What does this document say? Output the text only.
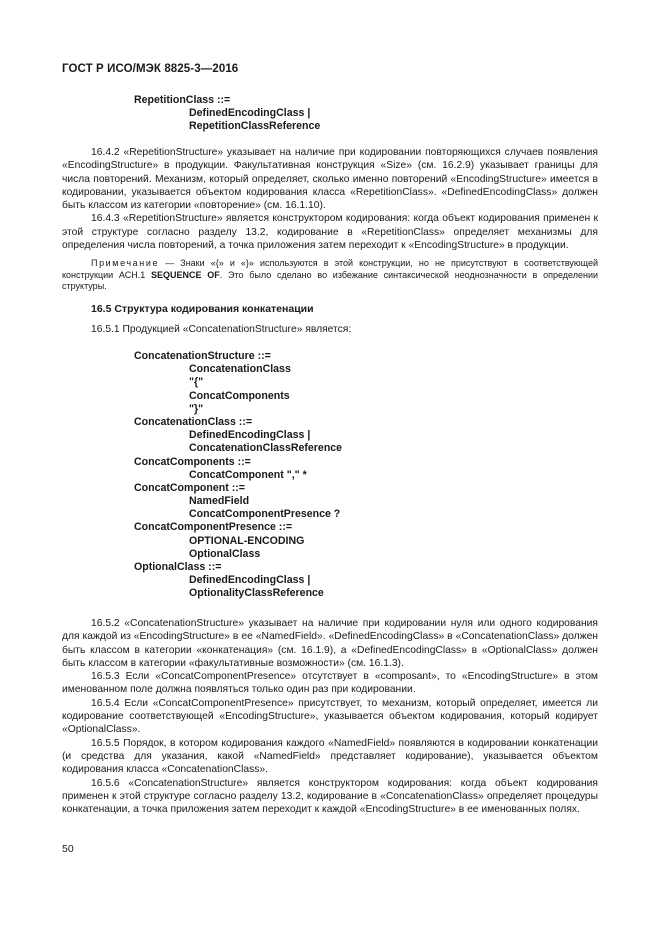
ГОСТ Р ИСО/МЭК 8825-3—2016
RepetitionClass ::=
DefinedEncodingClass |
RepetitionClassReference

16.4.2 «RepetitionStructure» указывает на наличие при кодировании повторяющихся случаев появления «EncodingStructure» в продукции. Факультативная конструкция «Size» (см. 16.2.9) указывает границы для числа повторений. Механизм, который определяет, сколько именно повторений «EncodingStructure» имеется в кодировании, указывается объектом кодирования класса «RepetitionClass». «DefinedEncodingClass» должен быть классом из категории «повторение» (см. 16.1.10).

16.4.3 «RepetitionStructure» является конструктором кодирования: когда объект кодирования применен к этой структуре согласно разделу 13.2, кодирование в «RepetitionClass» определяет механизмы для определения числа повторений, а точка приложения затем переходит к «EncodingStructure» в продукции.

Примечание — Знаки «{» и «}» используются в этой конструкции, но не присутствуют в соответствующей конструкции АСН.1 SEQUENCE OF. Это было сделано во избежание синтаксической неоднозначности в определении структуры.

16.5 Структура кодирования конкатенации

16.5.1 Продукцией «ConcatenationStructure» является:

ConcatenationStructure ::=
ConcatenationClass
"{"
ConcatComponents
"}"
ConcatenationClass ::=
DefinedEncodingClass |
ConcatenationClassReference
ConcatComponents ::=
ConcatComponent "," *
ConcatComponent ::=
NamedField
ConcatComponentPresence ?
ConcatComponentPresence ::=
OPTIONAL-ENCODING
OptionalClass
OptionalClass ::=
DefinedEncodingClass |
OptionalityClassReference

16.5.2 «ConcatenationStructure» указывает на наличие при кодировании нуля или одного кодирования для каждой из «EncodingStructure» в ее «NamedField». «DefinedEncodingClass» в «ConcatenationClass» должен быть классом в категории «конкатенация» (см. 16.1.9), а «DefinedEncodingClass» в «OptionalClass» должен быть классом в категории «факультативные возможности» (см. 16.1.3).

16.5.3 Если «ConcatComponentPresence» отсутствует в «composant», то «EncodingStructure» в этом именованном поле должна появляться только один раз при кодировании.

16.5.4 Если «ConcatComponentPresence» присутствует, то механизм, который определяет, имеется ли кодирование соответствующей «EncodingStructure», указывается объектом кодирования, который кодирует «OptionalClass».

16.5.5 Порядок, в котором кодирования каждого «NamedField» появляются в кодировании конкатенации (и средства для указания, какой «NamedField» представляет кодирование), указывается объектом кодирования класса «ConcatenationClass».

16.5.6 «ConcatenationStructure» является конструктором кодирования: когда объект кодирования применен к этой структуре согласно разделу 13.2, кодирование в «ConcatenationClass» определяет процедуры конкатенации, а точка приложения затем переходит к каждой «EncodingStructure» в ее именованных полях.

50
